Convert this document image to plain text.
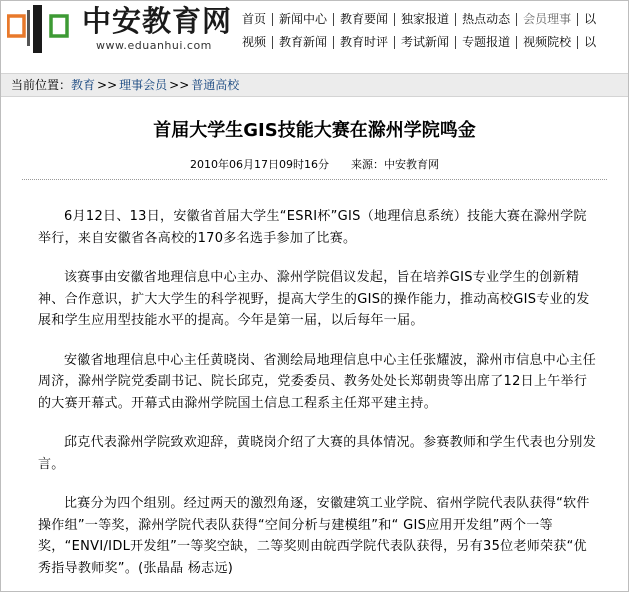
中安教育网
www.eduanhui.com
首页	新闻中心	教育要闻	独家报道	热点动态	会员理事	以
视频	教育新闻	教育时评	考试新闻	专题报道	视频院校	以
当前位置：教育 >> 理事会员 >> 普通高校
首届大学生GIS技能大赛在滁州学院鸣金
2010年06月17日09时16分 来源：中安教育网

6月12日、13日，安徽省首届大学生“ESRI杯”GIS（地理信息系统）技能大赛在滁州学院举行，来自安徽省各高校的170多名选手参加了比赛。

该赛事由安徽省地理信息中心主办、滁州学院倡议发起，旨在培养GIS专业学生的创新精神、合作意识，扩大大学生的科学视野，提高大学生的GIS的操作能力，推动高校GIS专业的发展和学生应用型技能水平的提高。今年是第一届，以后每年一届。

安徽省地理信息中心主任黄晓岗、省测绘局地理信息中心主任张耀波，滁州市信息中心主任周济，滁州学院党委副书记、院长邱克，党委委员、教务处处长郑朝贵等出席了12日上午举行的大赛开幕式。开幕式由滁州学院国土信息工程系主任郑平建主持。

邱克代表滁州学院致欢迎辞，黄晓岗介绍了大赛的具体情况。参赛教师和学生代表也分别发言。

比赛分为四个组别。经过两天的激烈角逐，安徽建筑工业学院、宿州学院代表队获得“软件操作组”一等奖，滁州学院代表队获得“空间分析与建模组”和“ GIS应用开发组”两个一等奖，“ENVI/IDL开发组”一等奖空缺，二等奖则由皖西学院代表队获得，另有35位老师荣获“优秀指导教师奖”。(张晶晶 杨志远)
